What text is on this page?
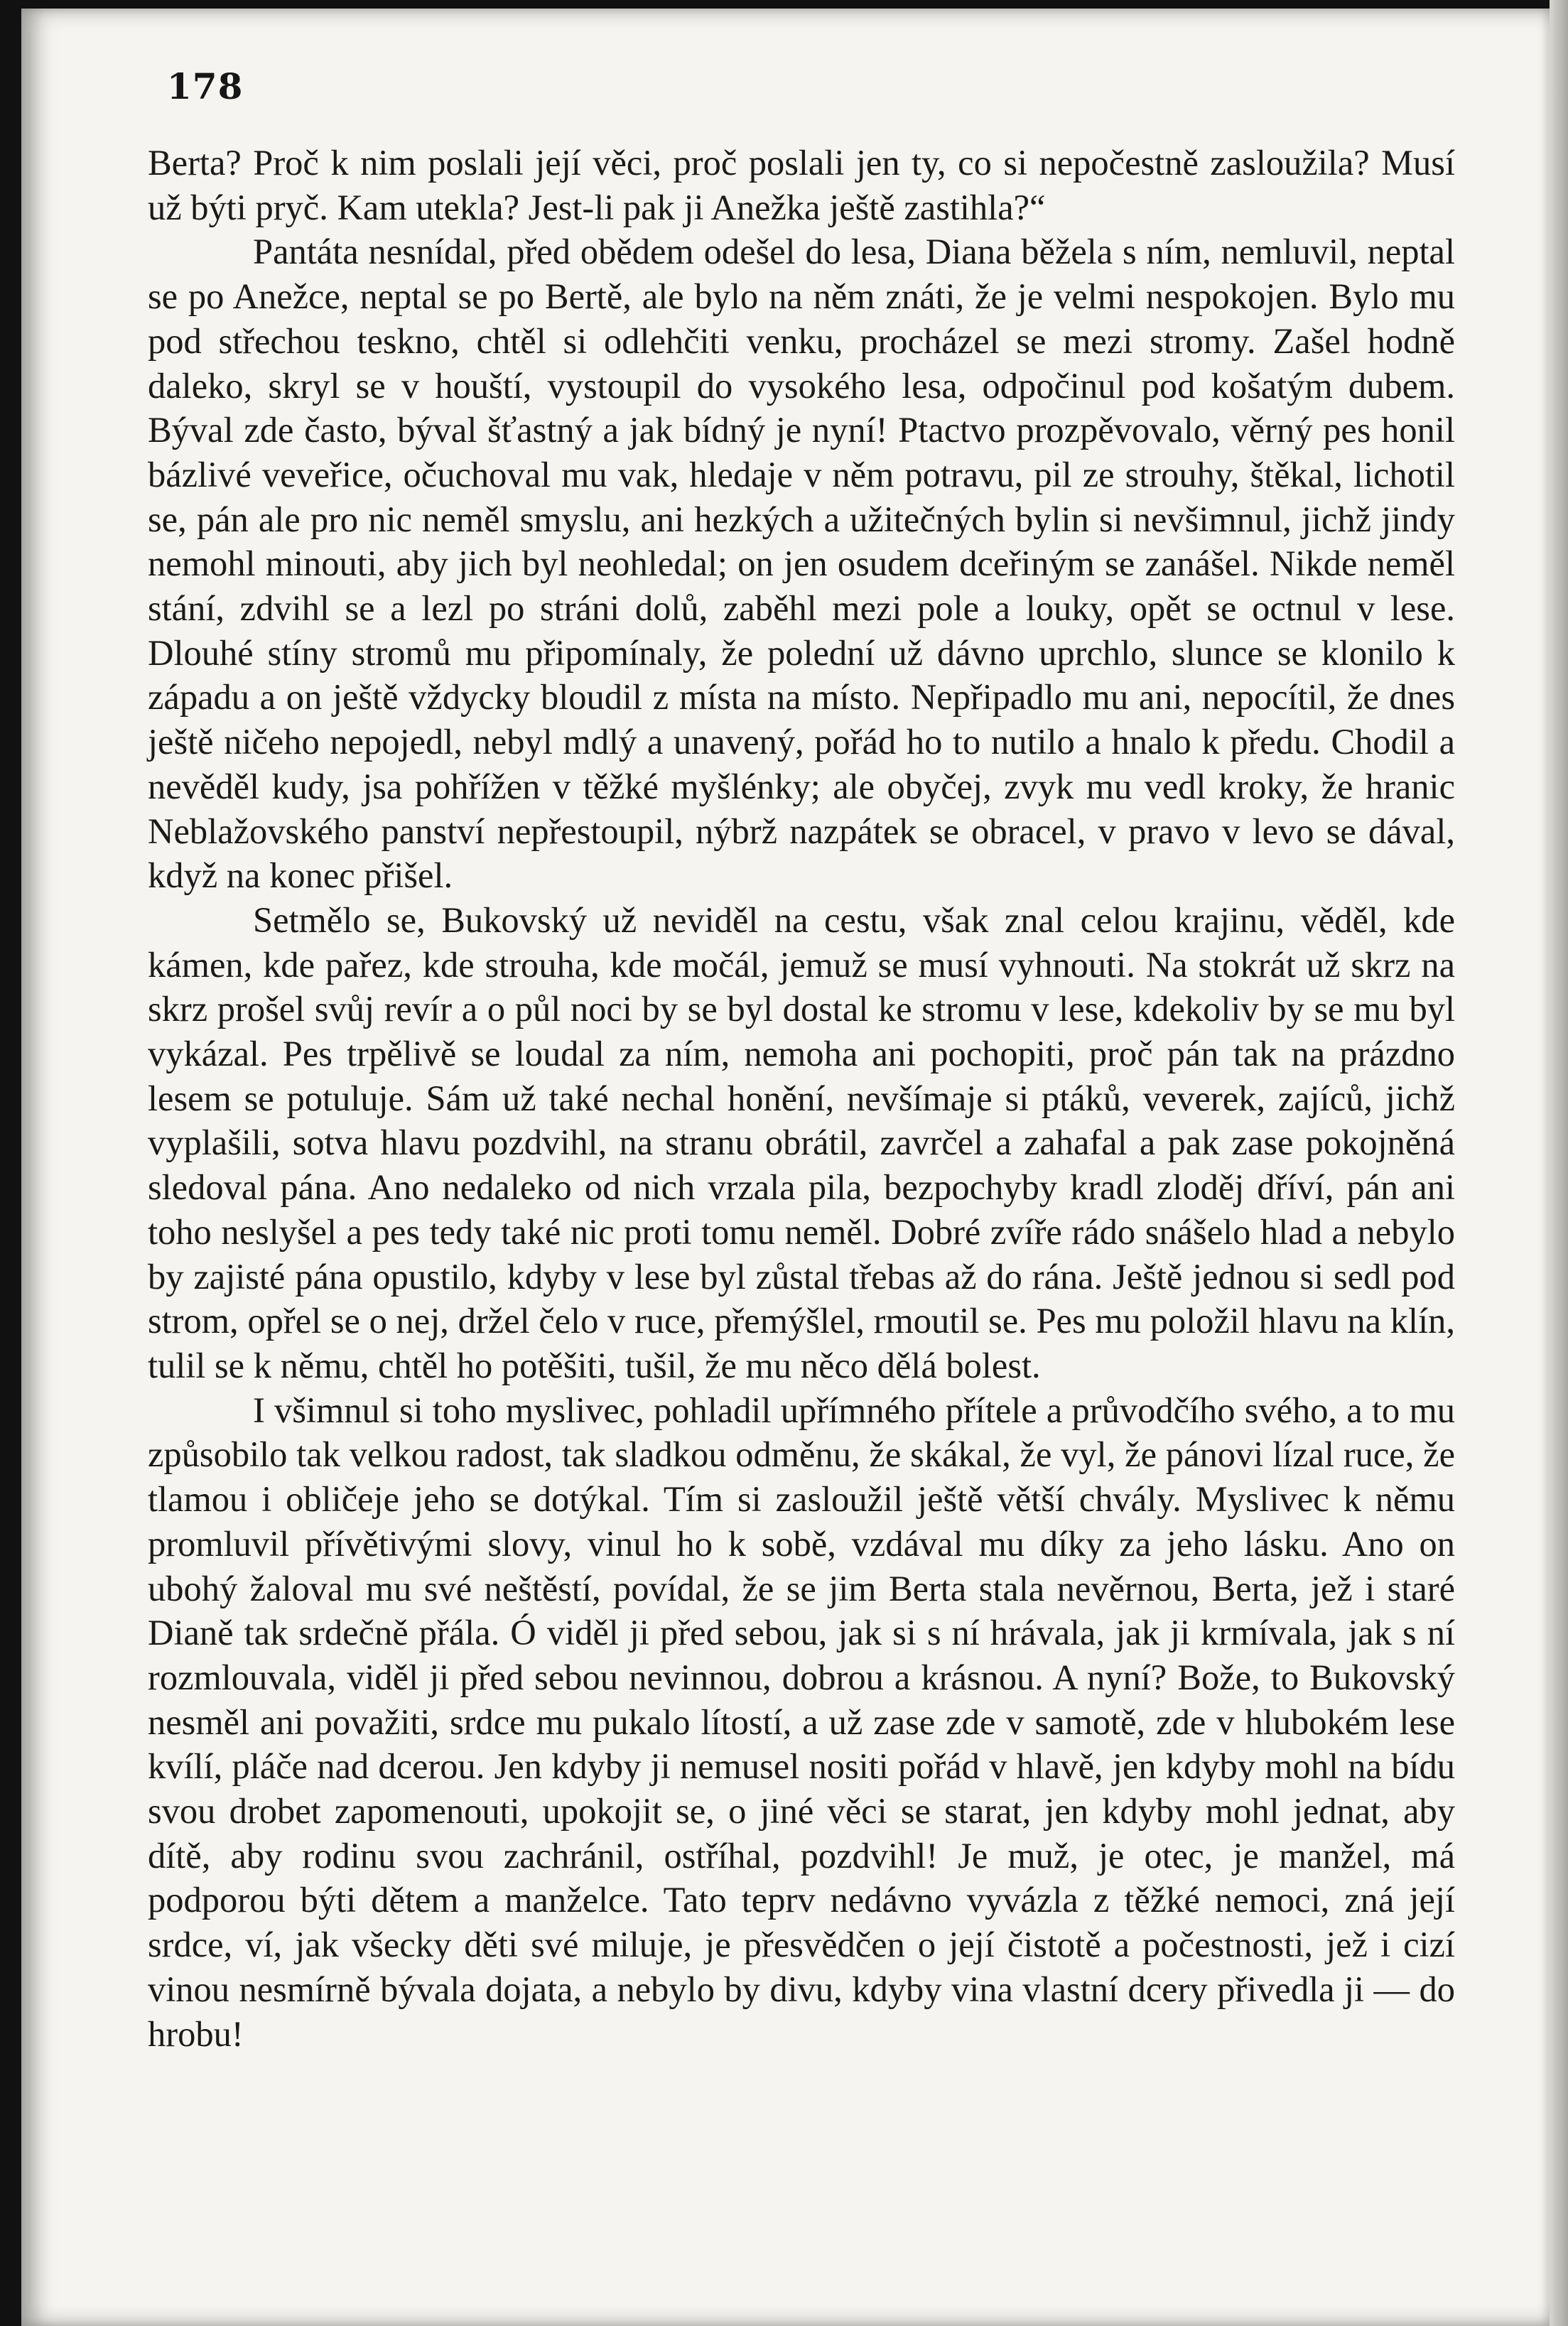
178

Berta? Proč k nim poslali její věci, proč poslali jen ty, co si nepočestně zasloužila? Musí už býti pryč. Kam utekla? Jest-li pak ji Anežka ještě zastihla?“

Pantáta nesnídal, před obědem odešel do lesa, Diana běžela s ním, nemluvil, neptal se po Anežce, neptal se po Bertě, ale bylo na něm znáti, že je velmi nespokojen. Bylo mu pod střechou teskno, chtěl si odlehčiti venku, procházel se mezi stromy. Zašel hodně daleko, skryl se v houští, vystoupil do vysokého lesa, odpočinul pod košatým dubem. Býval zde často, býval šťastný a jak bídný je nyní! Ptactvo prozpěvovalo, věrný pes honil bázlivé veveřice, očuchoval mu vak, hledaje v něm potravu, pil ze strouhy, štěkal, lichotil se, pán ale pro nic neměl smyslu, ani hezkých a užitečných bylin si nevšimnul, jichž jindy nemohl minouti, aby jich byl neohledal; on jen osudem dceřiným se zanášel. Nikde neměl stání, zdvihl se a lezl po stráni dolů, zaběhl mezi pole a louky, opět se octnul v lese. Dlouhé stíny stromů mu připomínaly, že polední už dávno uprchlo, slunce se klonilo k západu a on ještě vždycky bloudil z místa na místo. Nepřipadlo mu ani, nepocítil, že dnes ještě ničeho nepojedl, nebyl mdlý a unavený, pořád ho to nutilo a hnalo k předu. Chodil a nevěděl kudy, jsa pohřížen v těžké myšlénky; ale obyčej, zvyk mu vedl kroky, že hranic Neblažovského panství nepřestoupil, nýbrž nazpátek se obracel, v pravo v levo se dával, když na konec přišel.

Setmělo se, Bukovský už neviděl na cestu, však znal celou krajinu, věděl, kde kámen, kde pařez, kde strouha, kde močál, jemuž se musí vyhnouti. Na stokrát už skrz na skrz prošel svůj revír a o půl noci by se byl dostal ke stromu v lese, kdekoliv by se mu byl vykázal. Pes trpělivě se loudal za ním, nemoha ani pochopiti, proč pán tak na prázdno lesem se potuluje. Sám už také nechal honění, nevšímaje si ptáků, veverek, zajíců, jichž vyplašili, sotva hlavu pozdvihl, na stranu obrátil, zavrčel a zahafal a pak zase pokojněná sledoval pána. Ano nedaleko od nich vrzala pila, bezpochyby kradl zloděj dříví, pán ani toho neslyšel a pes tedy také nic proti tomu neměl. Dobré zvíře rádo snášelo hlad a nebylo by zajisté pána opustilo, kdyby v lese byl zůstal třebas až do rána. Ještě jednou si sedl pod strom, opřel se o nej, držel čelo v ruce, přemýšlel, rmoutil se. Pes mu položil hlavu na klín, tulil se k němu, chtěl ho potěšiti, tušil, že mu něco dělá bolest.

I všimnul si toho myslivec, pohladil upřímného přítele a průvodčího svého, a to mu způsobilo tak velkou radost, tak sladkou odměnu, že skákal, že vyl, že pánovi lízal ruce, že tlamou i obličeje jeho se dotýkal. Tím si zasloužil ještě větší chvály. Myslivec k němu promluvil přívětivými slovy, vinul ho k sobě, vzdával mu díky za jeho lásku. Ano on ubohý žaloval mu své neštěstí, povídal, že se jim Berta stala nevěrnou, Berta, jež i staré Dianě tak srdečně přála. Ó viděl ji před sebou, jak si s ní hrávala, jak ji krmívala, jak s ní rozmlouvala, viděl ji před sebou nevinnou, dobrou a krásnou. A nyní? Bože, to Bukovský nesměl ani považiti, srdce mu pukalo lítostí, a už zase zde v samotě, zde v hlubokém lese kvílí, pláče nad dcerou. Jen kdyby ji nemusel nositi pořád v hlavě, jen kdyby mohl na bídu svou drobet zapomenouti, upokojit se, o jiné věci se starat, jen kdyby mohl jednat, aby dítě, aby rodinu svou zachránil, ostříhal, pozdvihl! Je muž, je otec, je manžel, má podporou býti dětem a manželce. Tato teprv nedávno vyvázla z těžké nemoci, zná její srdce, ví, jak všecky děti své miluje, je přesvědčen o její čistotě a počestnosti, jež i cizí vinou nesmírně bývala dojata, a nebylo by divu, kdyby vina vlastní dcery přivedla ji — do hrobu!
